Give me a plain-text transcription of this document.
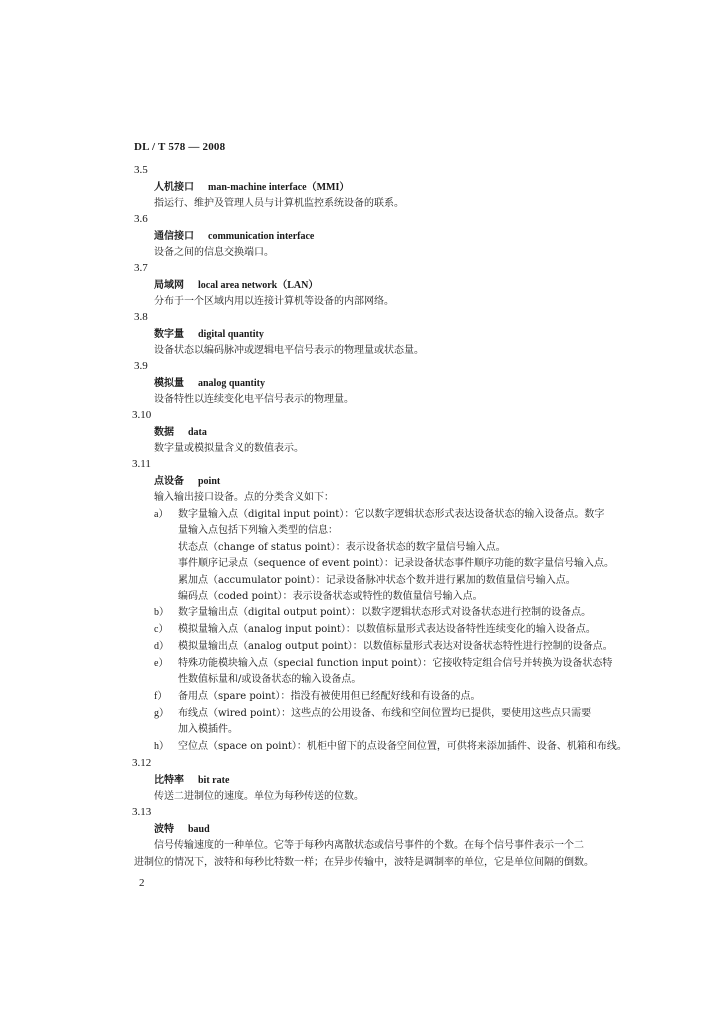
DL / T 578 — 2008
3.5
人机接口 man-machine interface（MMI）
指运行、维护及管理人员与计算机监控系统设备的联系。
3.6
通信接口 communication interface
设备之间的信息交换端口。
3.7
局域网 local area network（LAN）
分布于一个区域内用以连接计算机等设备的内部网络。
3.8
数字量 digital quantity
设备状态以编码脉冲或逻辑电平信号表示的物理量或状态量。
3.9
模拟量 analog quantity
设备特性以连续变化电平信号表示的物理量。
3.10
数据 data
数字量或模拟量含义的数值表示。
3.11
点设备 point
输入输出接口设备。点的分类含义如下：
a） 数字量输入点（digital input point）：它以数字逻辑状态形式表达设备状态的输入设备点。数字
量输入点包括下列输入类型的信息：
状态点（change of status point）：表示设备状态的数字量信号输入点。
事件顺序记录点（sequence of event point）：记录设备状态事件顺序功能的数字量信号输入点。
累加点（accumulator point）：记录设备脉冲状态个数并进行累加的数值量信号输入点。
编码点（coded point）：表示设备状态或特性的数值量信号输入点。
b） 数字量输出点（digital output point）：以数字逻辑状态形式对设备状态进行控制的设备点。
c） 模拟量输入点（analog input point）：以数值标量形式表达设备特性连续变化的输入设备点。
d） 模拟量输出点（analog output point）：以数值标量形式表达对设备状态特性进行控制的设备点。
e） 特殊功能模块输入点（special function input point）：它接收特定组合信号并转换为设备状态特
性数值标量和/或设备状态的输入设备点。
f） 备用点（spare point）：指没有被使用但已经配好线和有设备的点。
g） 布线点（wired point）：这些点的公用设备、布线和空间位置均已提供，要使用这些点只需要
加入模插件。
h） 空位点（space on point）：机柜中留下的点设备空间位置，可供将来添加插件、设备、机箱和布线。
3.12
比特率 bit rate
传送二进制位的速度。单位为每秒传送的位数。
3.13
波特 baud
信号传输速度的一种单位。它等于每秒内离散状态或信号事件的个数。在每个信号事件表示一个二
进制位的情况下，波特和每秒比特数一样；在异步传输中，波特是调制率的单位，它是单位间隔的倒数。
2
